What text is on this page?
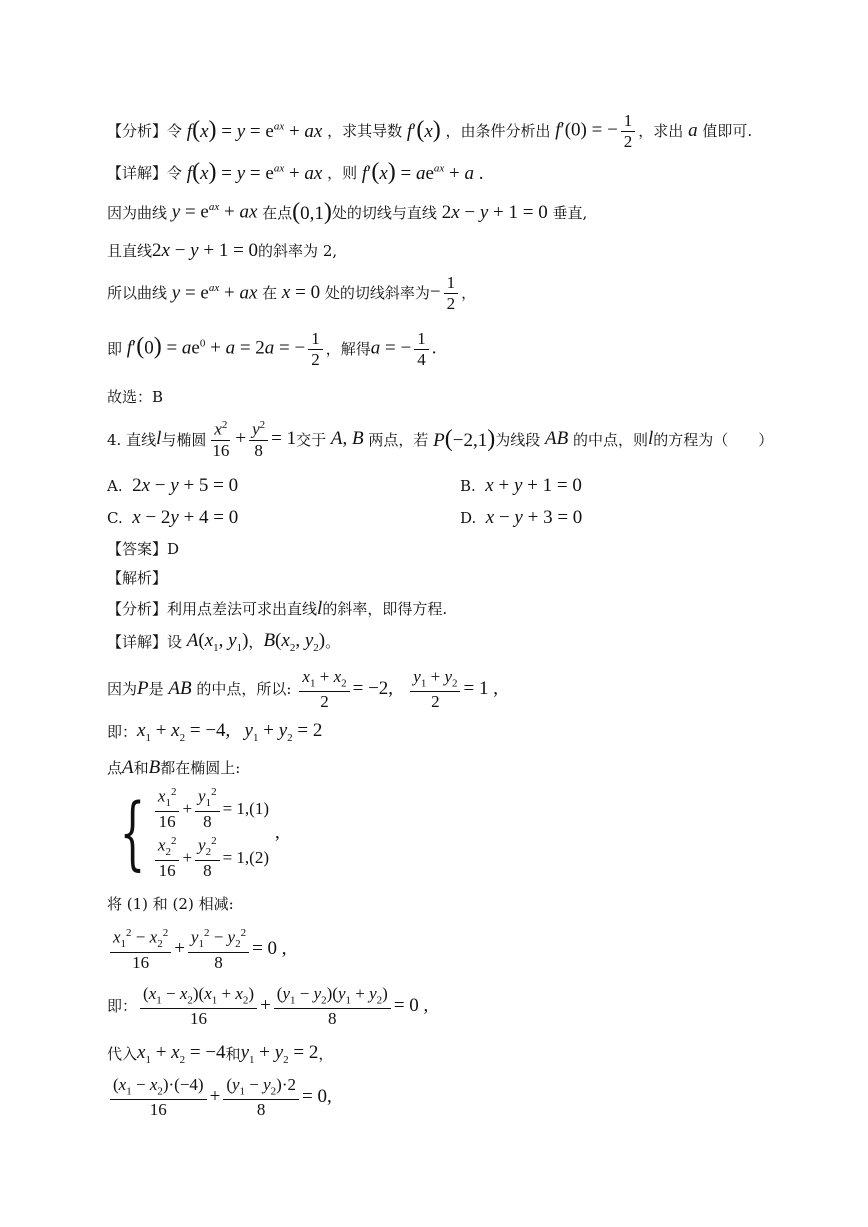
【分析】 令 $f(x) = y = e^{ax}$ + ax ，求其导数 f′(x) ，由条件分析出 f′(0) = − $\frac{1}{2}$ ，求出 a 值即可.
【详解】 令 $f(x) = y = e^{ax}$ + ax ，则 $f'(x) = ae^{ax} + a$ .
因为曲线 $y = e^{ax}$ + ax 在点 (0,1) 处的切线与直线 2x − y + 1 = 0 垂直,
且直线 2x − y + 1 = 0 的斜率为 2,
所以曲线 $y = e^{ax}$ + ax 在 x = 0 处的切线斜率为 − $\frac{1}{2}$ ，
即 $f'(0) = ae^0 + a = 2a$ = − $\frac{1}{2}$ ，解得 a = − $\frac{1}{4}$ .
故选：B
4. 直线 l 与椭圆
$x^2$
16
+ $\frac{y^2}{8} = 1$ 交于 A, B 两点，若 P(−2,1) 为线段 AB 的中点，则 l 的方程为（　　）
A. 2x − y + 5 = 0	B. x + y + 1 = 0
C. x − 2y + 4 = 0	D. x − y + 3 = 0
【答案】D
【解析】
【分析】 利用点差法可求出直线 l 的斜率，即得方程.
【详解】 设 $A(x_1$, $y_1$) ， $B(x_2$, $y_2$) 。
因为 P 是 AB 的中点，所以: $\frac{x_1 + x_2}{2} = -2$, $\frac{y_1 + y_2}{2} = 1$ ,
即： $x_1 + x_2 = -4$,   $y_1 + y_2 = 2$
点 A 和 B 都在椭圆上:
{ $x_1^2$
16
+
$y_1^2$
8
= 1,(1)
$x_2^2$
16
+
$y_2^2$
8
= 1,(2)
,
将 (1) 和 (2) 相减:
$x_1^2 - x_2^2$
16
+ $\frac{y_1^2 - y_2^2}{8} = 0$ ,
即：
$(x_1 - x_2)(x_1 + x_2)$
16
+ $\frac{(y_1 - y_2)(y_1 + y_2)}{8} = 0$ ,
代入 $x_1 + x_2 = -4$ 和 $y_1 + y_2 = 2$ ，
$(x_1 - x_2)\cdot(-4)$
16
+ $\frac{(y_1 - y_2)\cdot 2}{8} = 0$,
